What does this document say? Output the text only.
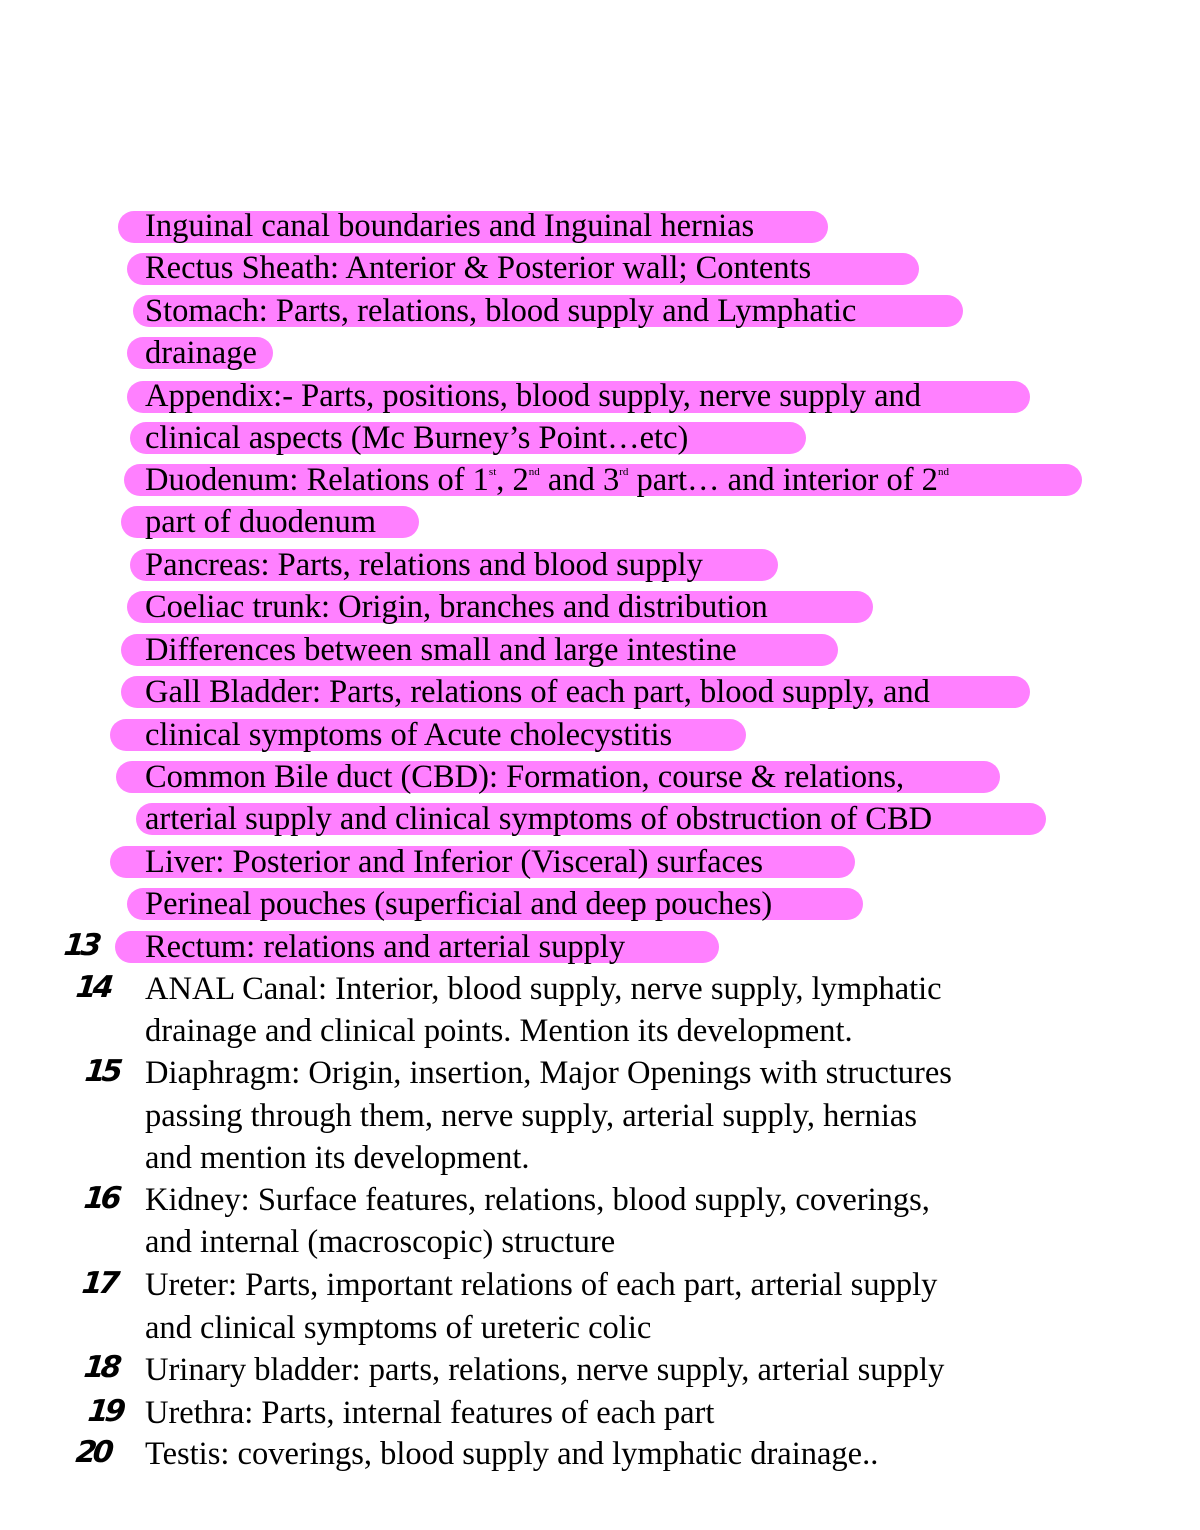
13
14
15
16
17
18
19
20
Inguinal canal boundaries and Inguinal hernias
Rectus Sheath: Anterior & Posterior wall; Contents
Stomach: Parts, relations, blood supply and Lymphatic
drainage
Appendix:- Parts, positions, blood supply, nerve supply and
clinical aspects (Mc Burney’s Point…etc)
Duodenum: Relations of 1st, 2nd and 3rd part… and interior of 2nd
part of duodenum
Pancreas: Parts, relations and blood supply
Coeliac trunk: Origin, branches and distribution
Differences between small and large intestine
Gall Bladder: Parts, relations of each part, blood supply, and
clinical symptoms of Acute cholecystitis
Common Bile duct (CBD): Formation, course & relations,
arterial supply and clinical symptoms of obstruction of CBD
Liver: Posterior and Inferior (Visceral) surfaces
Perineal pouches (superficial and deep pouches)
Rectum: relations and arterial supply
ANAL Canal: Interior, blood supply, nerve supply, lymphatic
drainage and clinical points. Mention its development.
Diaphragm: Origin, insertion, Major Openings with structures
passing through them, nerve supply, arterial supply, hernias
and mention its development.
Kidney: Surface features, relations, blood supply, coverings,
and internal (macroscopic) structure
Ureter: Parts, important relations of each part, arterial supply
and clinical symptoms of ureteric colic
Urinary bladder: parts, relations, nerve supply, arterial supply
Urethra: Parts, internal features of each part
Testis: coverings, blood supply and lymphatic drainage..
